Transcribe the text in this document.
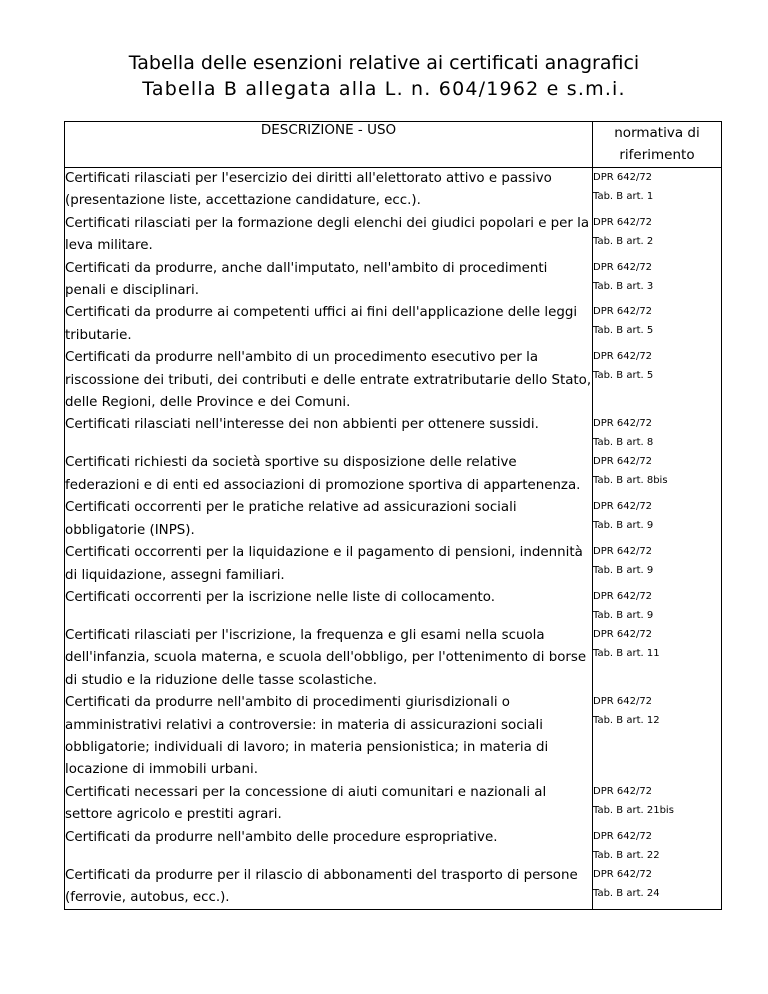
Tabella delle esenzioni relative ai certificati anagrafici
Tabella B allegata alla L. n. 604/1962 e s.m.i.
DESCRIZIONE - USO	normativa di
riferimento
Certificati rilasciati per l'esercizio dei diritti all'elettorato attivo e passivo (presentazione liste, accettazione candidature, ecc.).	DPR 642/72
Tab. B art. 1

Certificati rilasciati per la formazione degli elenchi dei giudici popolari e per la leva militare.	DPR 642/72
Tab. B art. 2

Certificati da produrre, anche dall'imputato, nell'ambito di procedimenti penali e disciplinari.	DPR 642/72
Tab. B art. 3

Certificati da produrre ai competenti uffici ai fini dell'applicazione delle leggi tributarie.	DPR 642/72
Tab. B art. 5

Certificati da produrre nell'ambito di un procedimento esecutivo per la riscossione dei tributi, dei contributi e delle entrate extratributarie dello Stato, delle Regioni, delle Province e dei Comuni.	DPR 642/72
Tab. B art. 5

Certificati rilasciati nell'interesse dei non abbienti per ottenere sussidi.	DPR 642/72
Tab. B art. 8

Certificati richiesti da società sportive su disposizione delle relative federazioni e di enti ed associazioni di promozione sportiva di appartenenza.	DPR 642/72
Tab. B art. 8bis

Certificati occorrenti per le pratiche relative ad assicurazioni sociali obbligatorie (INPS).	DPR 642/72
Tab. B art. 9

Certificati occorrenti per la liquidazione e il pagamento di pensioni, indennità di liquidazione, assegni familiari.	DPR 642/72
Tab. B art. 9

Certificati occorrenti per la iscrizione nelle liste di collocamento.	DPR 642/72
Tab. B art. 9

Certificati rilasciati per l'iscrizione, la frequenza e gli esami nella scuola dell'infanzia, scuola materna, e scuola dell'obbligo, per l'ottenimento di borse di studio e la riduzione delle tasse scolastiche.	DPR 642/72
Tab. B art. 11

Certificati da produrre nell'ambito di procedimenti giurisdizionali o amministrativi relativi a controversie: in materia di assicurazioni sociali obbligatorie; individuali di lavoro; in materia pensionistica; in materia di locazione di immobili urbani.	DPR 642/72
Tab. B art. 12

Certificati necessari per la concessione di aiuti comunitari e nazionali al settore agricolo e prestiti agrari.	DPR 642/72
Tab. B art. 21bis

Certificati da produrre nell'ambito delle procedure espropriative.	DPR 642/72
Tab. B art. 22

Certificati da produrre per il rilascio di abbonamenti del trasporto di persone (ferrovie, autobus, ecc.).	DPR 642/72
Tab. B art. 24
